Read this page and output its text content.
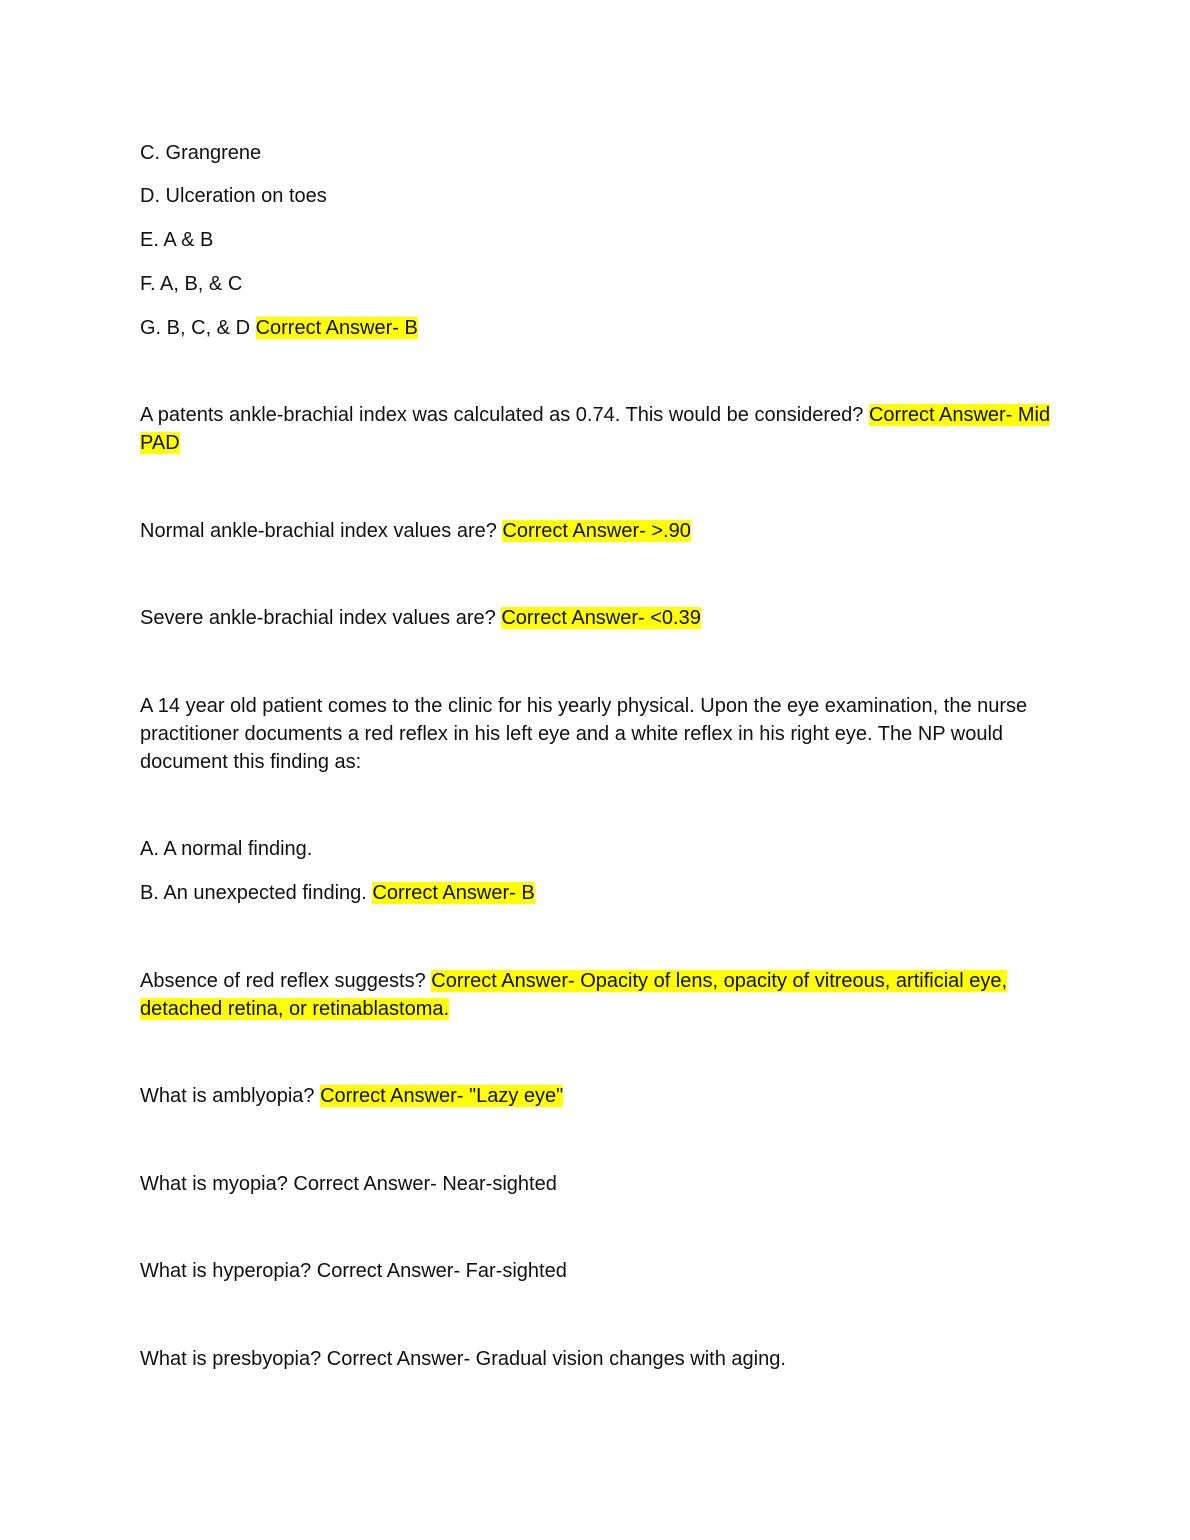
C. Grangrene
D. Ulceration on toes
E. A & B
F. A, B, & C
G. B, C, & D Correct Answer- B
A patents ankle-brachial index was calculated as 0.74. This would be considered? Correct Answer- Mid
PAD
Normal ankle-brachial index values are? Correct Answer- >.90
Severe ankle-brachial index values are? Correct Answer- <0.39
A 14 year old patient comes to the clinic for his yearly physical. Upon the eye examination, the nurse
practitioner documents a red reflex in his left eye and a white reflex in his right eye. The NP would
document this finding as:
A. A normal finding.
B. An unexpected finding. Correct Answer- B
Absence of red reflex suggests? Correct Answer- Opacity of lens, opacity of vitreous, artificial eye,
detached retina, or retinablastoma.
What is amblyopia? Correct Answer- "Lazy eye"
What is myopia? Correct Answer- Near-sighted
What is hyperopia? Correct Answer- Far-sighted
What is presbyopia? Correct Answer- Gradual vision changes with aging.
